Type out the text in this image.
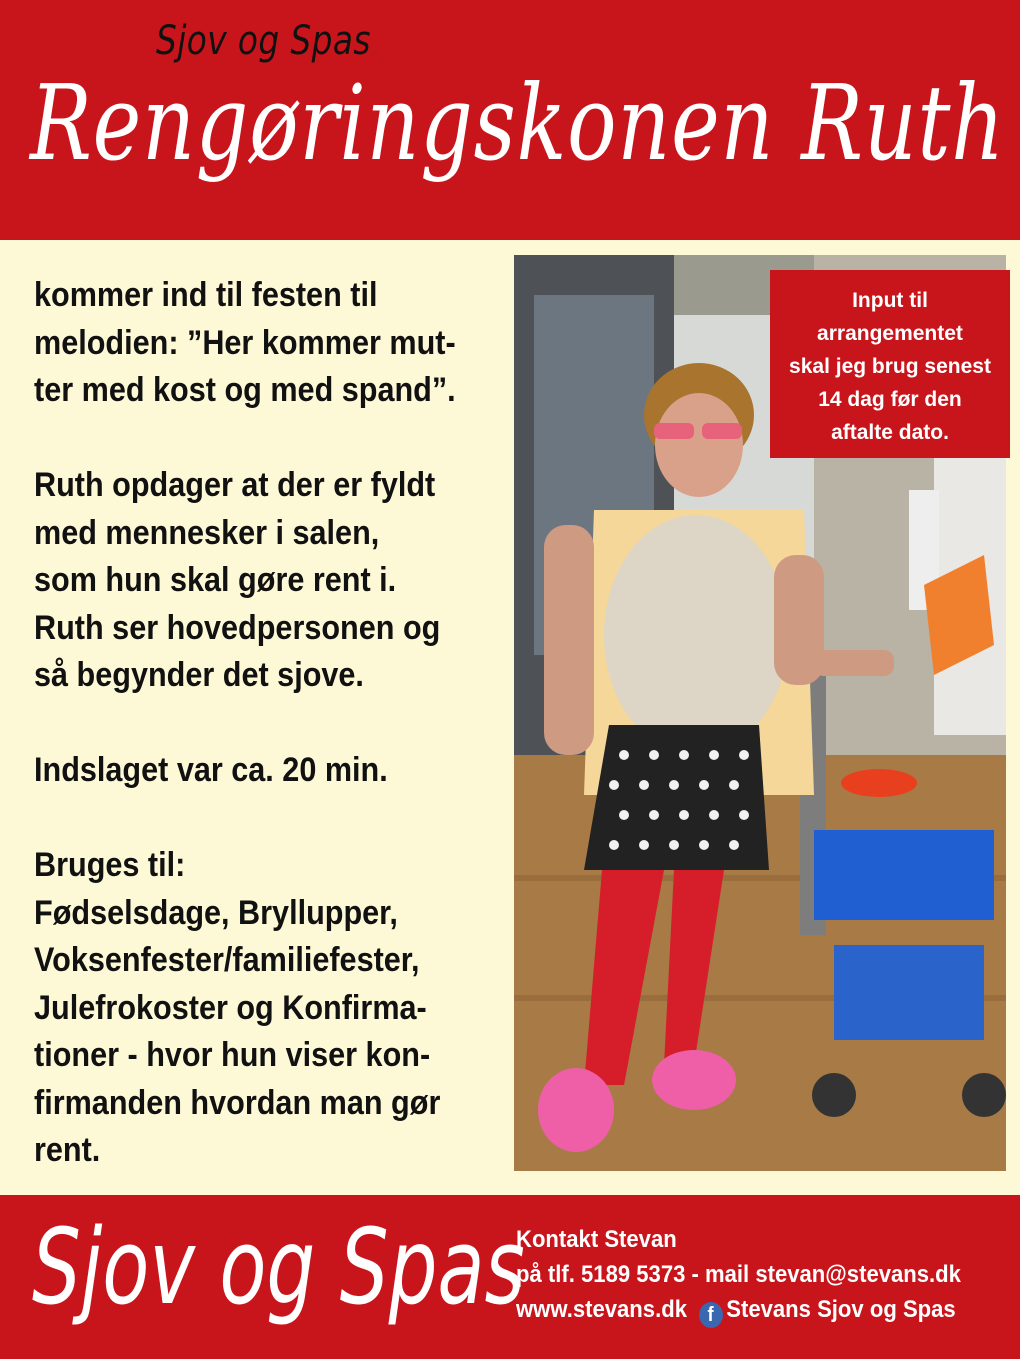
Sjov og Spas
Rengøringskonen Ruth

kommer ind til festen til
melodien: ”Her kommer mut-
ter med kost og med spand”.

Ruth opdager at der er fyldt
med mennesker i salen,
som hun skal gøre rent i.
Ruth ser hovedpersonen og
så begynder det sjove.

Indslaget var ca. 20 min.

Bruges til:
Fødselsdage, Bryllupper,
Voksenfester/familiefester,
Julefrokoster og Konfirma-
tioner - hvor hun viser kon-
firmanden hvordan man gør
rent.

Input til
arrangementet
skal jeg brug senest
14 dag før den
aftalte dato.
Sjov og Spas
Kontakt Stevan
på tlf. 5189 5373 - mail stevan@stevans.dk
www.stevans.dk f Stevans Sjov og Spas
